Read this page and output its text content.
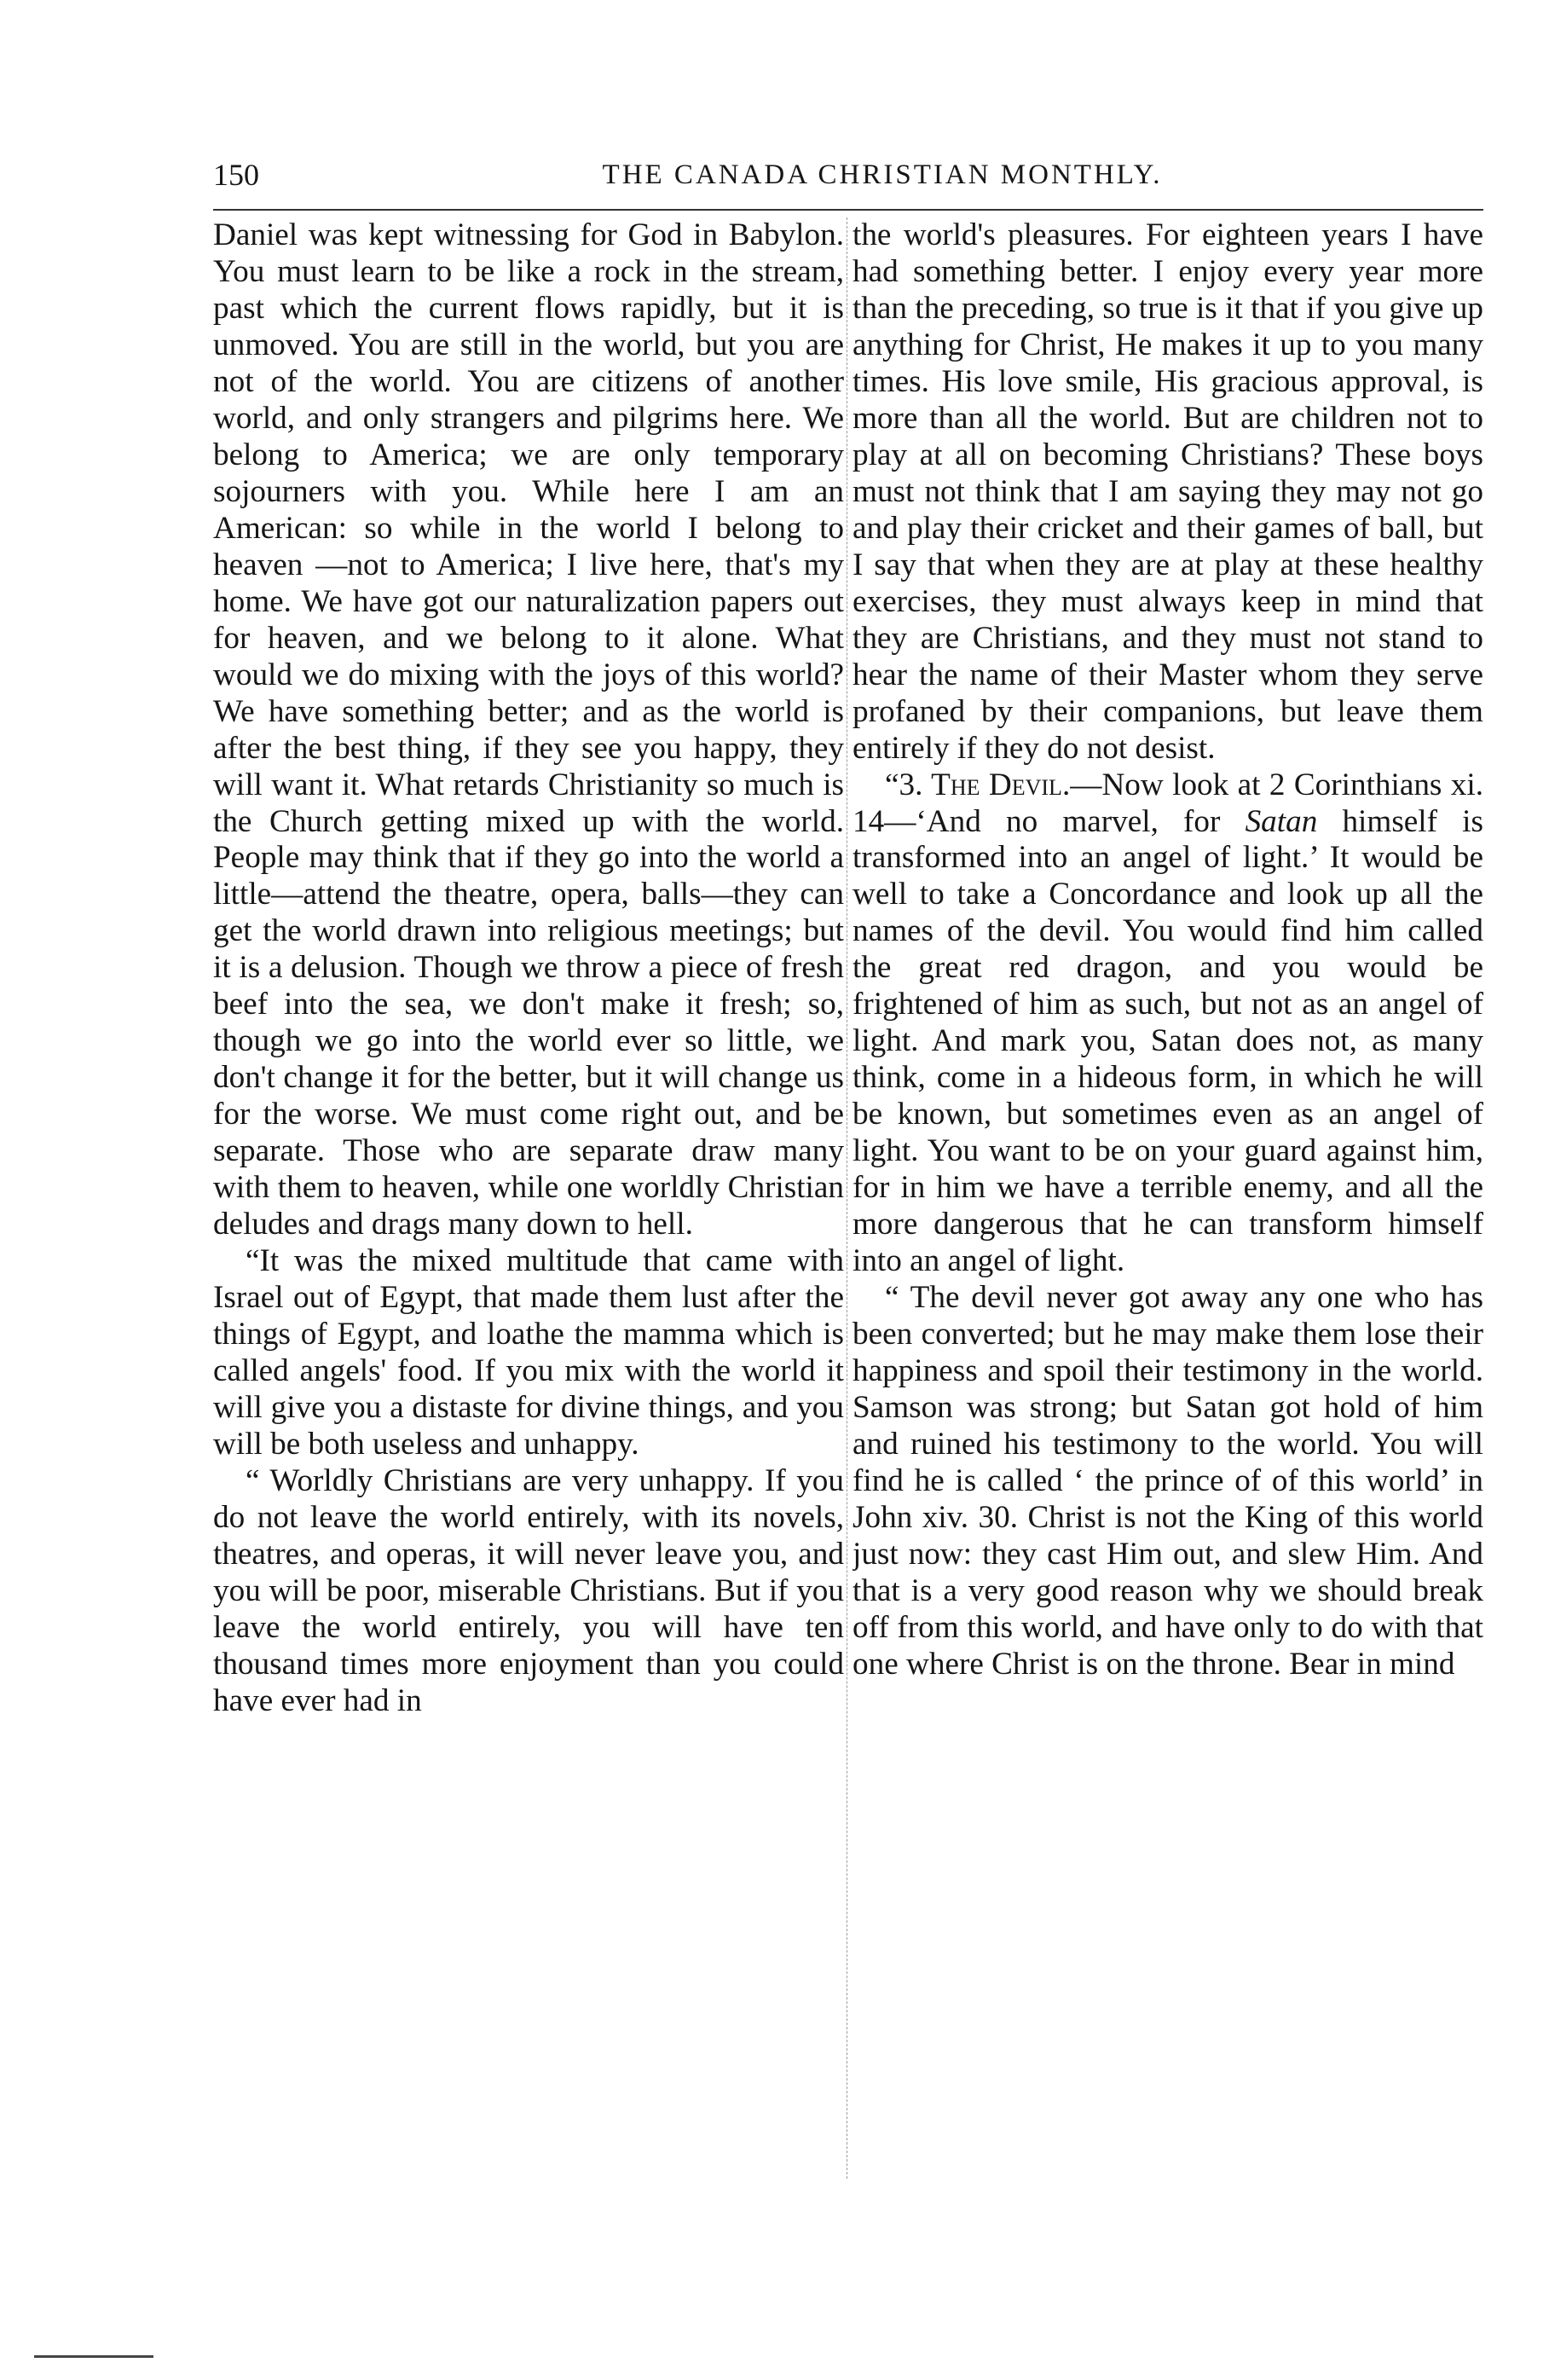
150	THE CANADA CHRISTIAN MONTHLY.

Daniel was kept witnessing for God in Babylon. You must learn to be like a rock in the stream, past which the current flows rapidly, but it is unmoved. You are still in the world, but you are not of the world. You are citizens of another world, and only strangers and pilgrims here. We belong to America; we are only temporary sojourners with you. While here I am an American: so while in the world I belong to heaven —not to America; I live here, that's my home. We have got our naturalization papers out for heaven, and we belong to it alone. What would we do mixing with the joys of this world? We have something better; and as the world is after the best thing, if they see you happy, they will want it. What retards Christianity so much is the Church getting mixed up with the world. People may think that if they go into the world a little—attend the theatre, opera, balls—they can get the world drawn into religious meetings; but it is a delusion. Though we throw a piece of fresh beef into the sea, we don't make it fresh; so, though we go into the world ever so little, we don't change it for the better, but it will change us for the worse. We must come right out, and be separate. Those who are separate draw many with them to heaven, while one worldly Christian deludes and drags many down to hell.

“It was the mixed multitude that came with Israel out of Egypt, that made them lust after the things of Egypt, and loathe the mamma which is called angels' food. If you mix with the world it will give you a distaste for divine things, and you will be both useless and unhappy.

“ Worldly Christians are very unhappy. If you do not leave the world entirely, with its novels, theatres, and operas, it will never leave you, and you will be poor, miserable Christians. But if you leave the world entirely, you will have ten thousand times more enjoyment than you could have ever had in

the world's pleasures. For eighteen years I have had something better. I enjoy every year more than the preceding, so true is it that if you give up anything for Christ, He makes it up to you many times. His love smile, His gracious approval, is more than all the world. But are children not to play at all on becoming Christians? These boys must not think that I am saying they may not go and play their cricket and their games of ball, but I say that when they are at play at these healthy exercises, they must always keep in mind that they are Christians, and they must not stand to hear the name of their Master whom they serve profaned by their companions, but leave them entirely if they do not desist.

“3. The Devil.—Now look at 2 Corinthians xi. 14—‘And no marvel, for Satan himself is transformed into an angel of light.’ It would be well to take a Concordance and look up all the names of the devil. You would find him called the great red dragon, and you would be frightened of him as such, but not as an angel of light. And mark you, Satan does not, as many think, come in a hideous form, in which he will be known, but sometimes even as an angel of light. You want to be on your guard against him, for in him we have a terrible enemy, and all the more dangerous that he can transform himself into an angel of light.

“ The devil never got away any one who has been converted; but he may make them lose their happiness and spoil their testimony in the world. Samson was strong; but Satan got hold of him and ruined his testimony to the world. You will find he is called ‘ the prince of of this world’ in John xiv. 30. Christ is not the King of this world just now: they cast Him out, and slew Him. And that is a very good reason why we should break off from this world, and have only to do with that one where Christ is on the throne. Bear in mind
